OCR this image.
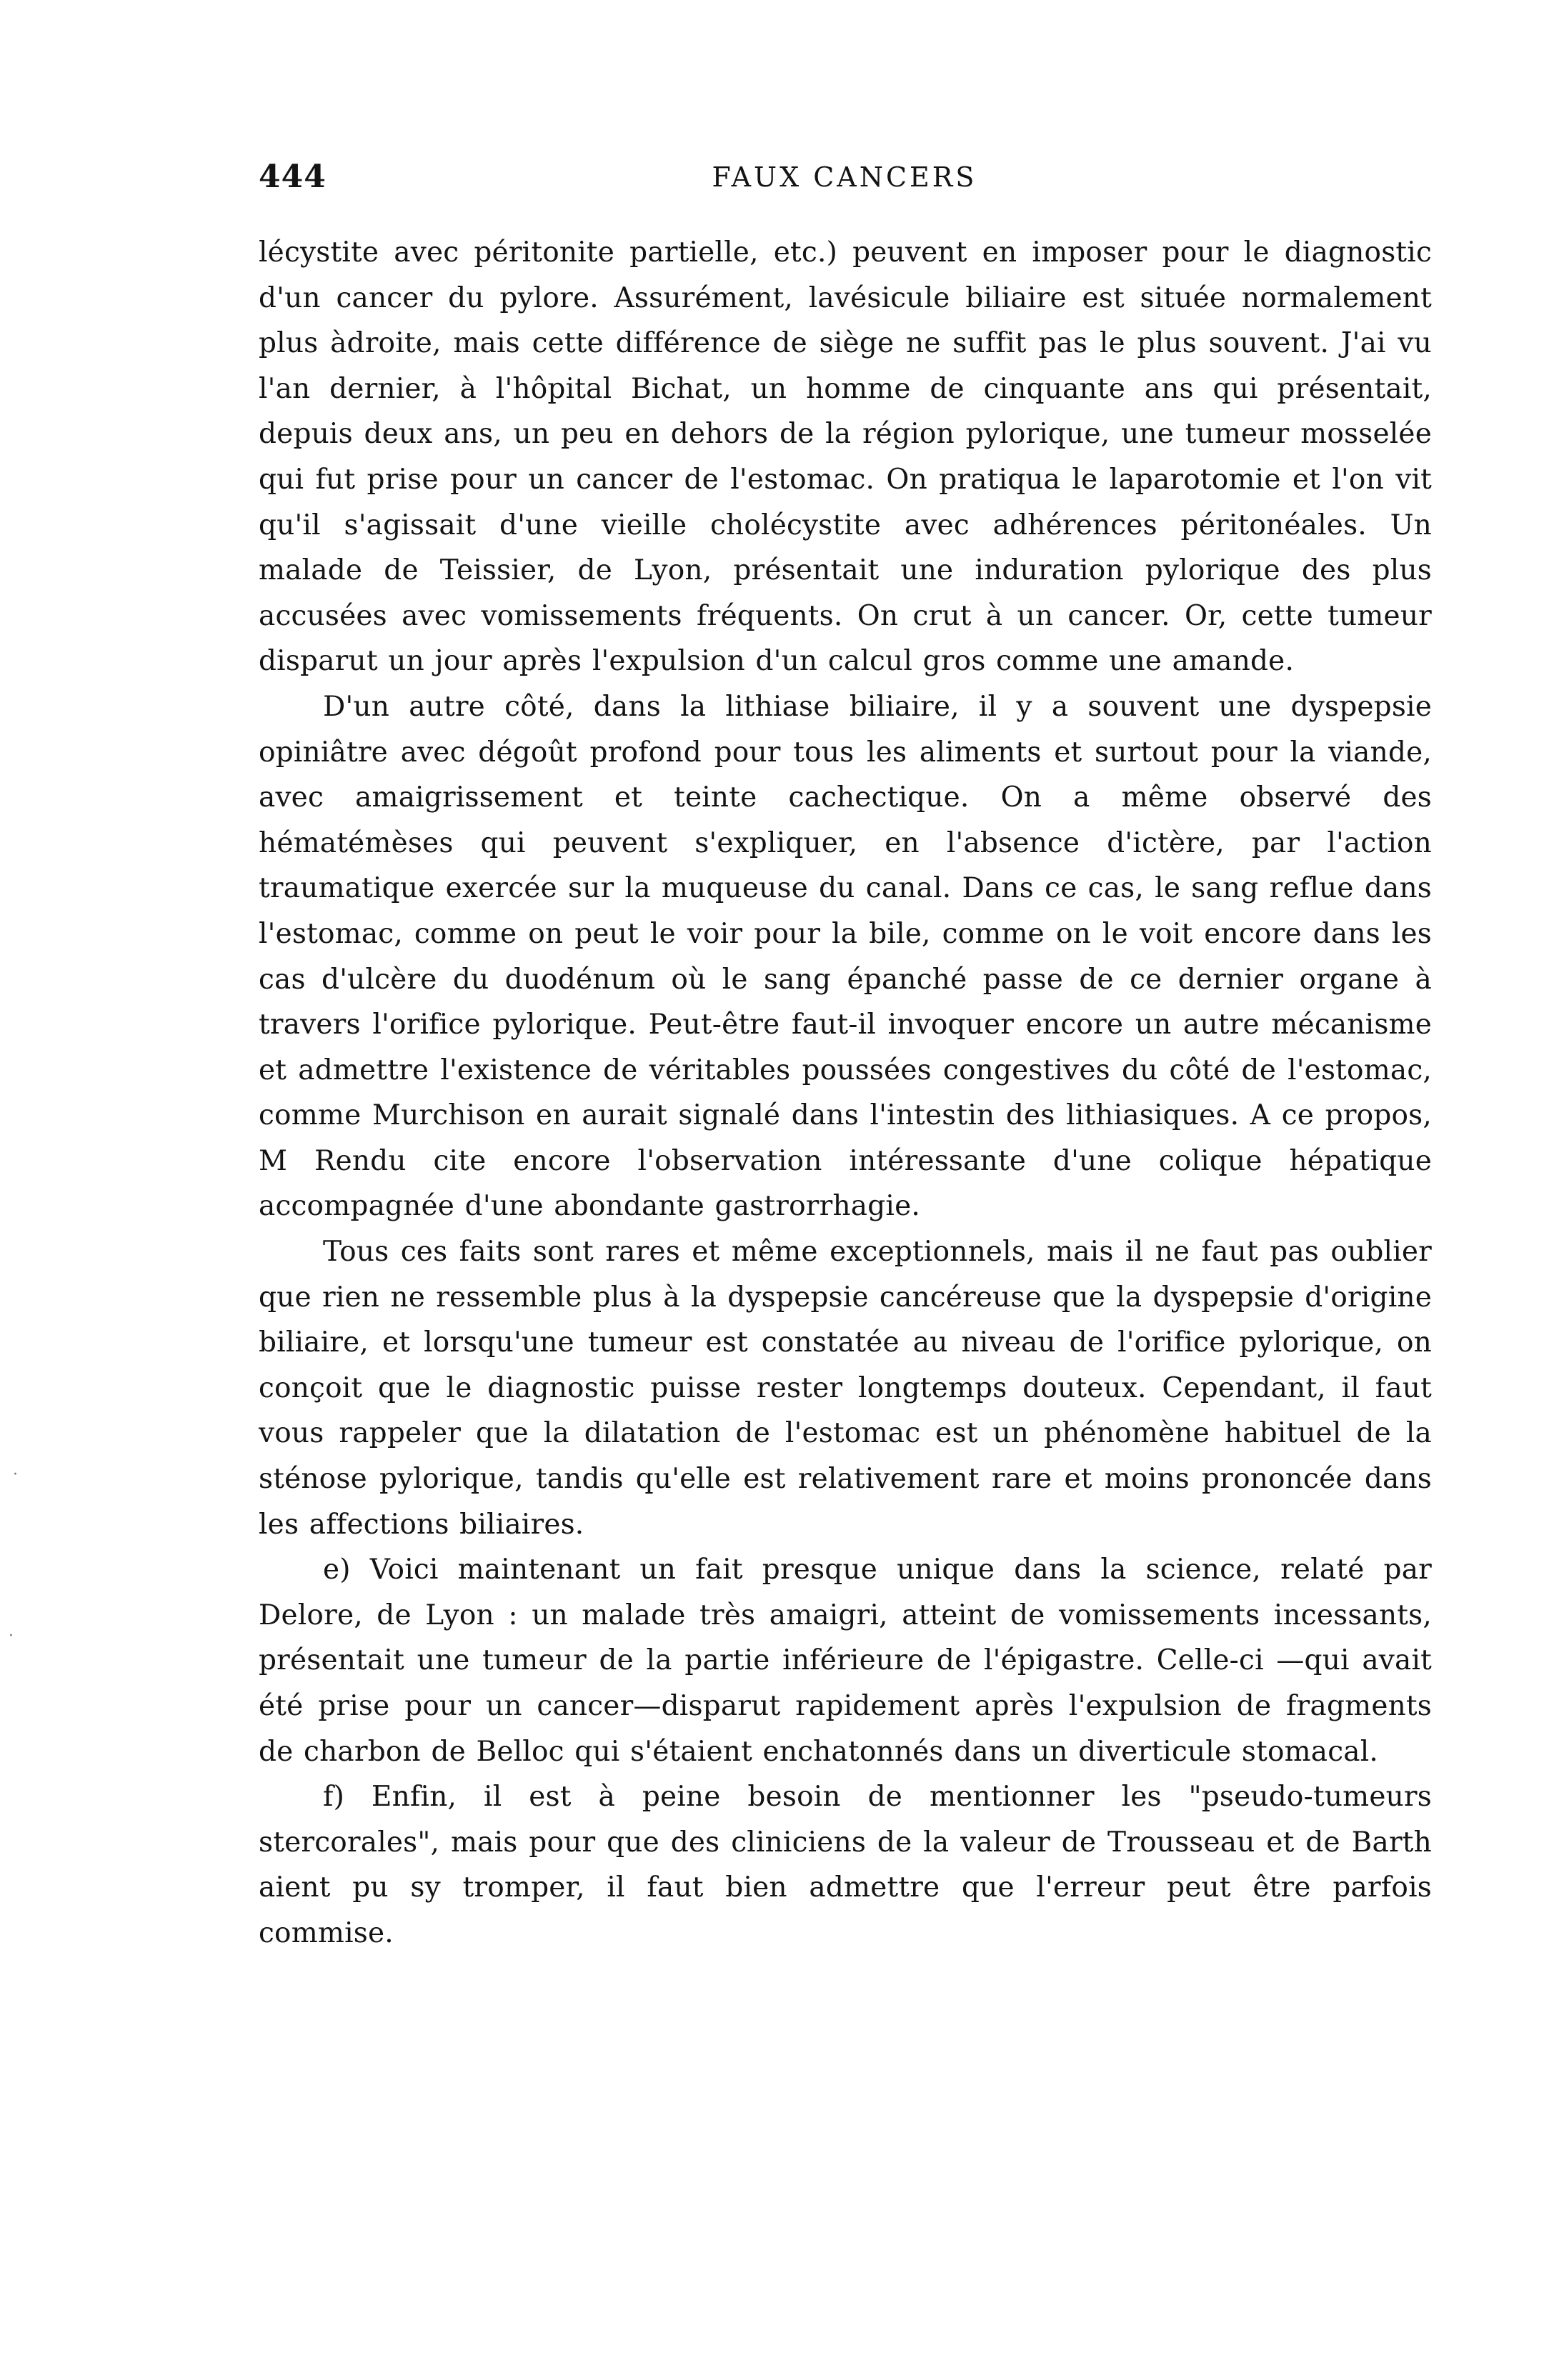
444	FAUX CANCERS

lécystite avec péritonite partielle, etc.) peuvent en imposer pour le diagnostic d'un cancer du pylore. Assurément, lavésicule biliaire est située normalement plus àdroite, mais cette différence de siège ne suffit pas le plus souvent. J'ai vu l'an dernier, à l'hôpital Bichat, un homme de cinquante ans qui présentait, depuis deux ans, un peu en dehors de la région pylorique, une tumeur mosselée qui fut prise pour un cancer de l'estomac. On pratiqua le laparotomie et l'on vit qu'il s'agissait d'une vieille cholécystite avec adhérences péritonéales. Un malade de Teissier, de Lyon, présentait une induration pylorique des plus accusées avec vomissements fréquents. On crut à un cancer. Or, cette tumeur disparut un jour après l'expulsion d'un calcul gros comme une amande.

D'un autre côté, dans la lithiase biliaire, il y a souvent une dyspepsie opiniâtre avec dégoût profond pour tous les aliments et surtout pour la viande, avec amaigrissement et teinte cachectique. On a même observé des hématémèses qui peuvent s'expliquer, en l'absence d'ictère, par l'action traumatique exercée sur la muqueuse du canal. Dans ce cas, le sang reflue dans l'estomac, comme on peut le voir pour la bile, comme on le voit encore dans les cas d'ulcère du duodénum où le sang épanché passe de ce dernier organe à travers l'orifice pylorique. Peut-être faut-il invoquer encore un autre mécanisme et admettre l'existence de véritables poussées congestives du côté de l'estomac, comme Murchison en aurait signalé dans l'intestin des lithiasiques. A ce propos, M Rendu cite encore l'observation intéressante d'une colique hépatique accompagnée d'une abondante gastrorrhagie.

Tous ces faits sont rares et même exceptionnels, mais il ne faut pas oublier que rien ne ressemble plus à la dyspepsie cancéreuse que la dyspepsie d'origine biliaire, et lorsqu'une tumeur est constatée au niveau de l'orifice pylorique, on conçoit que le diagnostic puisse rester longtemps douteux. Cependant, il faut vous rappeler que la dilatation de l'estomac est un phénomène habituel de la sténose pylorique, tandis qu'elle est relativement rare et moins prononcée dans les affections biliaires.

e) Voici maintenant un fait presque unique dans la science, relaté par Delore, de Lyon : un malade très amaigri, atteint de vomissements incessants, présentait une tumeur de la partie inférieure de l'épigastre. Celle-ci —qui avait été prise pour un cancer—disparut rapidement après l'expulsion de fragments de charbon de Belloc qui s'étaient enchatonnés dans un diverticule stomacal.

f) Enfin, il est à peine besoin de mentionner les "pseudo-tumeurs stercorales", mais pour que des cliniciens de la valeur de Trousseau et de Barth aient pu sy tromper, il faut bien admettre que l'erreur peut être parfois commise.

·
·
